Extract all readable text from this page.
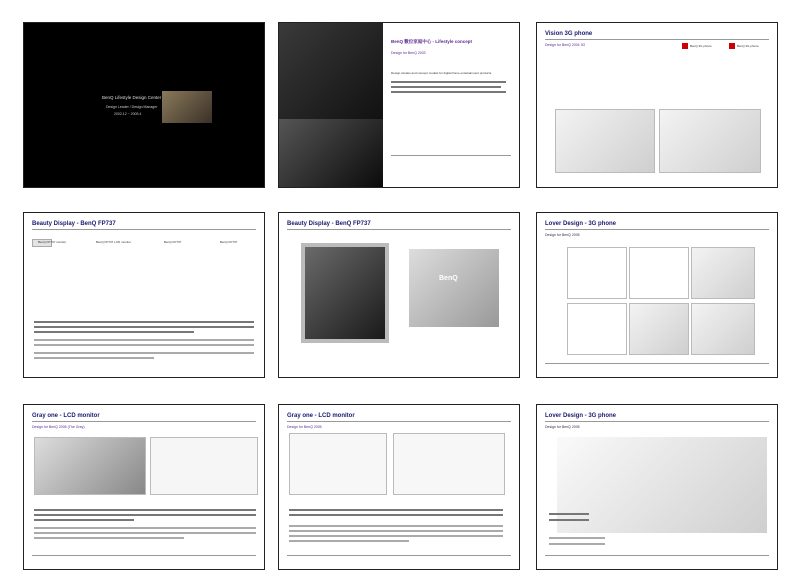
BenQ Lifestyle Design Center
Design Leader / Design Manager
2002.12 ~ 2005.4
BenQ 數位家庭中心 - Lifestyle concept
Design for BenQ 2003
Design studies and concept models for digital home entertainment products
Vision 3G phone
Design for BenQ 2004 3G	BenQ 3G phone	BenQ 3G phone
Beauty Display - BenQ FP737
BenQ FP737 monitor	BenQ FP737 LCD monitor	BenQ FP737	BenQ FP737
Beauty Display - BenQ FP737
BenQ
Lover Design - 3G phone
Design for BenQ 2005
Gray one - LCD monitor
Design for BenQ 2005 (The Gray)
Gray one - LCD monitor
Design for BenQ 2005
Lover Design - 3G phone
Design for BenQ 2005
